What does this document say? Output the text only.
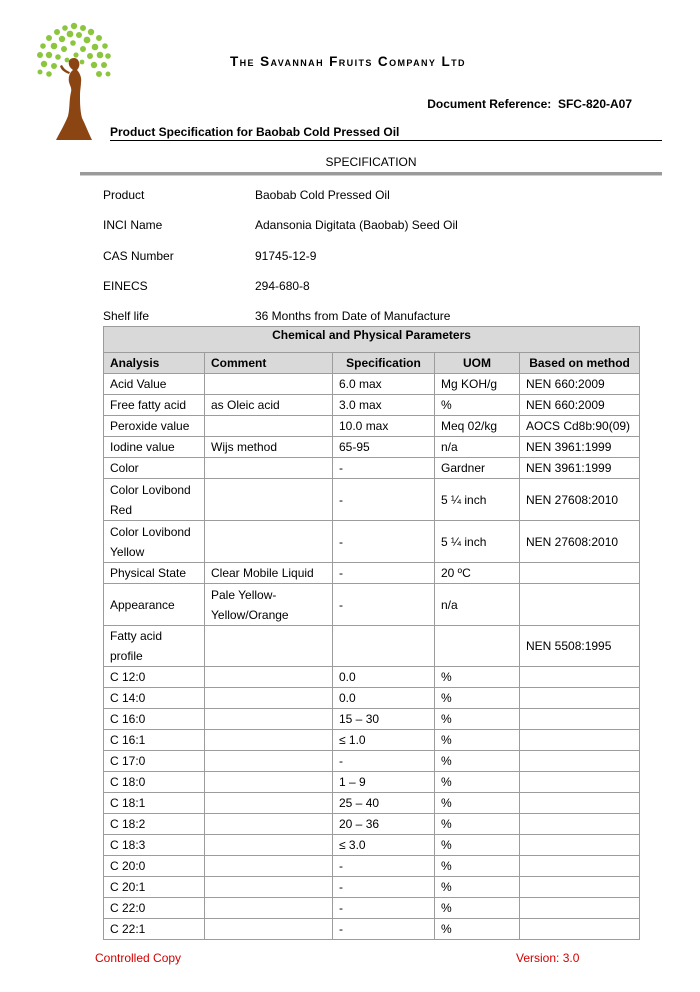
The Savannah Fruits Company Ltd
Document Reference: SFC-820-A07
Product Specification for Baobab Cold Pressed Oil
SPECIFICATION
Product	Baobab Cold Pressed Oil
INCI Name	Adansonia Digitata (Baobab) Seed Oil
CAS Number	91745-12-9
EINECS	294-680-8
Shelf life	36 Months from Date of Manufacture
Chemical and Physical Parameters				
Analysis	Comment	Specification	UOM	Based on method
Acid Value		6.0 max	Mg KOH/g	NEN 660:2009
Free fatty acid	as Oleic acid	3.0 max	%	NEN 660:2009
Peroxide value		10.0 max	Meq 02/kg	AOCS Cd8b:90(09)
Iodine value	Wijs method	65-95	n/a	NEN 3961:1999
Color		-	Gardner	NEN 3961:1999
Color Lovibond Red		-	5 ¼ inch	NEN 27608:2010
Color Lovibond Yellow		-	5 ¼ inch	NEN 27608:2010
Physical State	Clear Mobile Liquid	-	20 ºC	
Appearance	Pale Yellow-Yellow/Orange	-	n/a	
Fatty acid profile				NEN 5508:1995
C 12:0		0.0	%	
C 14:0		0.0	%	
C 16:0		15 – 30	%	
C 16:1		≤ 1.0	%	
C 17:0		-	%	
C 18:0		1 – 9	%	
C 18:1		25 – 40	%	
C 18:2		20 – 36	%	
C 18:3		≤ 3.0	%	
C 20:0		-	%	
C 20:1		-	%	
C 22:0		-	%	
C 22:1		-	%	
Controlled Copy	Version: 3.0
